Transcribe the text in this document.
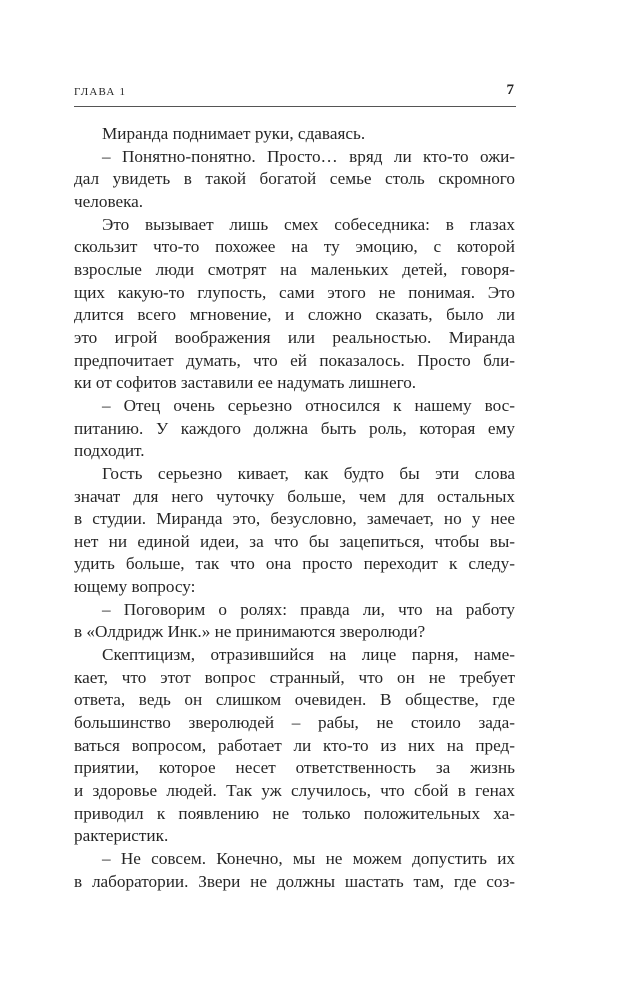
ГЛАВА 1	7
Миранда поднимает руки, сдаваясь.
– Понятно-понятно. Просто… вряд ли кто-то ожи-
дал увидеть в такой богатой семье столь скромного
человека.
Это вызывает лишь смех собеседника: в глазах
скользит что-то похожее на ту эмоцию, с которой
взрослые люди смотрят на маленьких детей, говоря-
щих какую-то глупость, сами этого не понимая. Это
длится всего мгновение, и сложно сказать, было ли
это игрой воображения или реальностью. Миранда
предпочитает думать, что ей показалось. Просто бли-
ки от софитов заставили ее надумать лишнего.
– Отец очень серьезно относился к нашему вос-
питанию. У каждого должна быть роль, которая ему
подходит.
Гость серьезно кивает, как будто бы эти слова
значат для него чуточку больше, чем для остальных
в студии. Миранда это, безусловно, замечает, но у нее
нет ни единой идеи, за что бы зацепиться, чтобы вы-
удить больше, так что она просто переходит к следу-
ющему вопросу:
– Поговорим о ролях: правда ли, что на работу
в «Олдридж Инк.» не принимаются зверолюди?
Скептицизм, отразившийся на лице парня, наме-
кает, что этот вопрос странный, что он не требует
ответа, ведь он слишком очевиден. В обществе, где
большинство зверолюдей – рабы, не стоило зада-
ваться вопросом, работает ли кто-то из них на пред-
приятии, которое несет ответственность за жизнь
и здоровье людей. Так уж случилось, что сбой в генах
приводил к появлению не только положительных ха-
рактеристик.
– Не совсем. Конечно, мы не можем допустить их
в лаборатории. Звери не должны шастать там, где соз-
